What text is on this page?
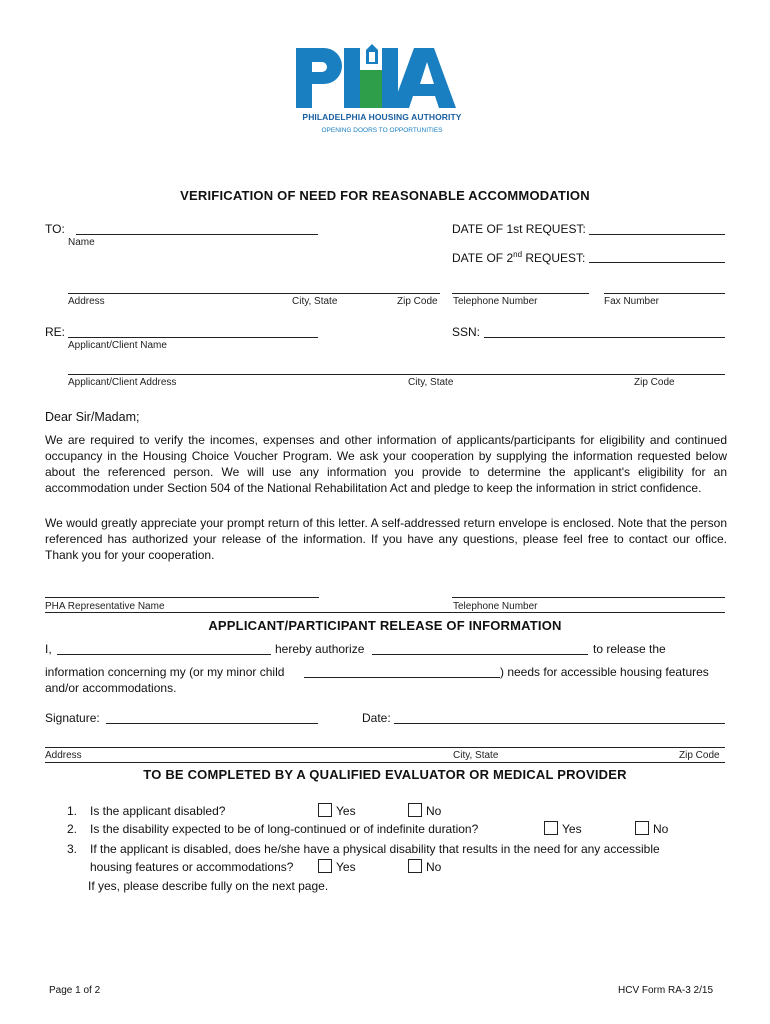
PHILADELPHIA HOUSING AUTHORITY
OPENING DOORS TO OPPORTUNITIES
VERIFICATION OF NEED FOR REASONABLE ACCOMMODATION
TO:
Name
DATE OF 1st REQUEST:
DATE OF 2nd REQUEST:
Address	City, State	Zip Code Telephone Number	Fax Number
RE:
Applicant/Client Name
SSN:
Applicant/Client Address	City, State	Zip Code
Dear Sir/Madam;
We are required to verify the incomes, expenses and other information of applicants/participants for eligibility and continued occupancy in the Housing Choice Voucher Program. We ask your cooperation by supplying the information requested below about the referenced person. We will use any information you provide to determine the applicant's eligibility for an accommodation under Section 504 of the National Rehabilitation Act and pledge to keep the information in strict confidence.
We would greatly appreciate your prompt return of this letter. A self-addressed return envelope is enclosed. Note that the person referenced has authorized your release of the information. If you have any questions, please feel free to contact our office. Thank you for your cooperation.
PHA Representative Name	Telephone Number
APPLICANT/PARTICIPANT RELEASE OF INFORMATION
I,	hereby authorize	to release the
information concerning my (or my minor child	) needs for accessible housing features
and/or accommodations.
Signature:	Date:
Address	City, State	Zip Code
TO BE COMPLETED BY A QUALIFIED EVALUATOR OR MEDICAL PROVIDER
1. Is the applicant disabled?	Yes	No
2. Is the disability expected to be of long-continued or of indefinite duration?	Yes	No
3. If the applicant is disabled, does he/she have a physical disability that results in the need for any accessible
housing features or accommodations?	Yes	No
If yes, please describe fully on the next page.
Page 1 of 2	HCV Form RA-3 2/15
